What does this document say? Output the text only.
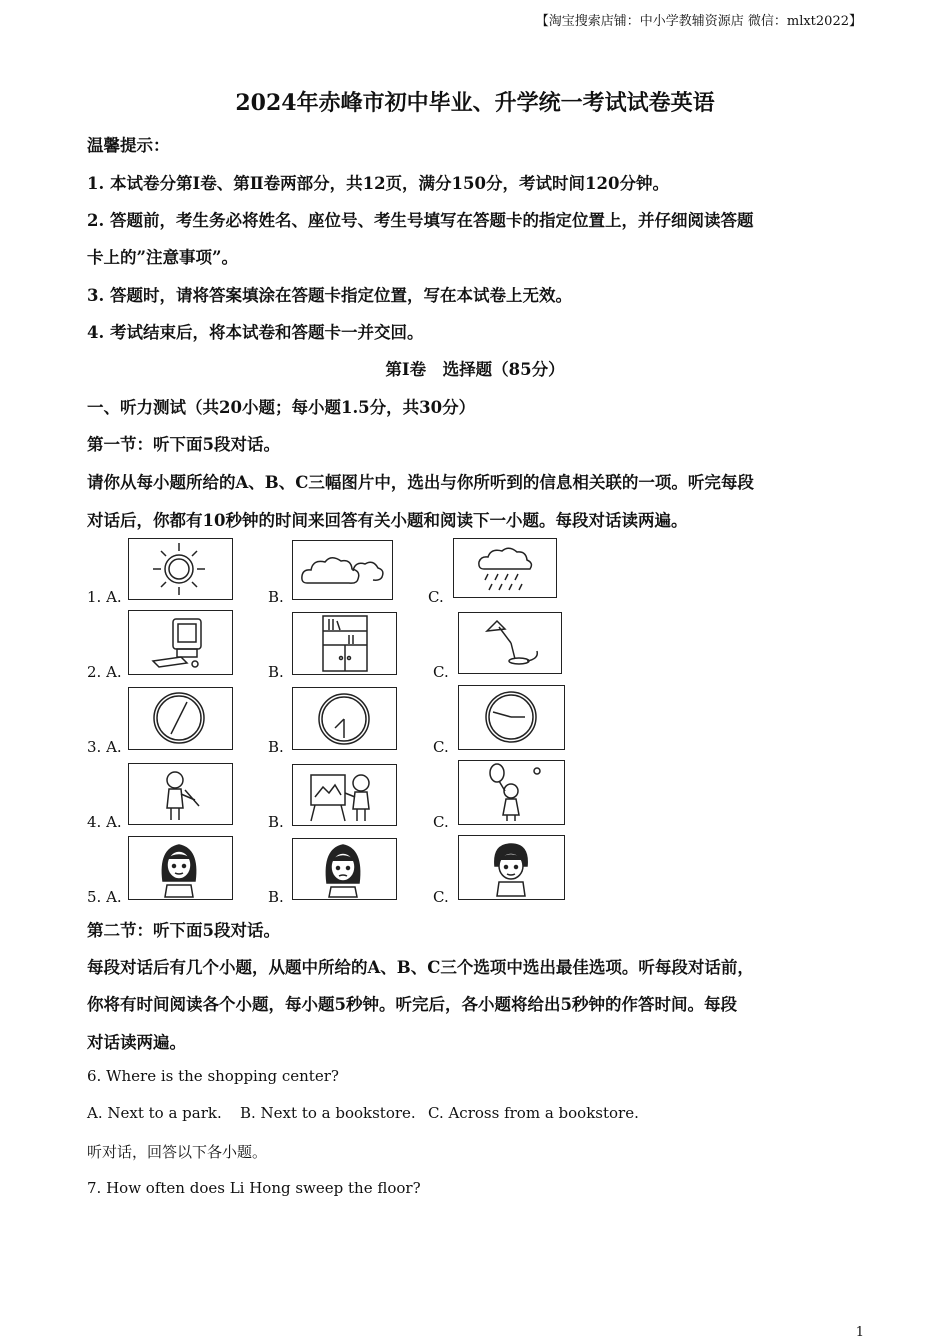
【淘宝搜索店铺：中小学教辅资源店 微信：mlxt2022】
2024年赤峰市初中毕业、升学统一考试试卷英语
温馨提示：
1. 本试卷分第Ⅰ卷、第Ⅱ卷两部分，共12页，满分150分，考试时间120分钟。
2. 答题前，考生务必将姓名、座位号、考生号填写在答题卡的指定位置上，并仔细阅读答题
卡上的”注意事项”。
3. 答题时，请将答案填涂在答题卡指定位置，写在本试卷上无效。
4. 考试结束后，将本试卷和答题卡一并交回。
第Ⅰ卷　选择题（85分）
一、听力测试（共20小题；每小题1.5分，共30分）
第一节：听下面5段对话。
请你从每小题所给的A、B、C三幅图片中，选出与你所听到的信息相关联的一项。听完每段
对话后，你都有10秒钟的时间来回答有关小题和阅读下一小题。每段对话读两遍。
1. A.	B.	C.
2. A.	B.	C.
3. A.	B.	C.
4. A.	B.	C.
5. A.	B.	C.
第二节：听下面5段对话。
每段对话后有几个小题，从题中所给的A、B、C三个选项中选出最佳选项。听每段对话前，
你将有时间阅读各个小题，每小题5秒钟。听完后，各小题将给出5秒钟的作答时间。每段
对话读两遍。
6. Where is the shopping center?
A. Next to a park. B. Next to a bookstore. C. Across from a bookstore.
听对话，回答以下各小题。
7. How often does Li Hong sweep the floor?
1
